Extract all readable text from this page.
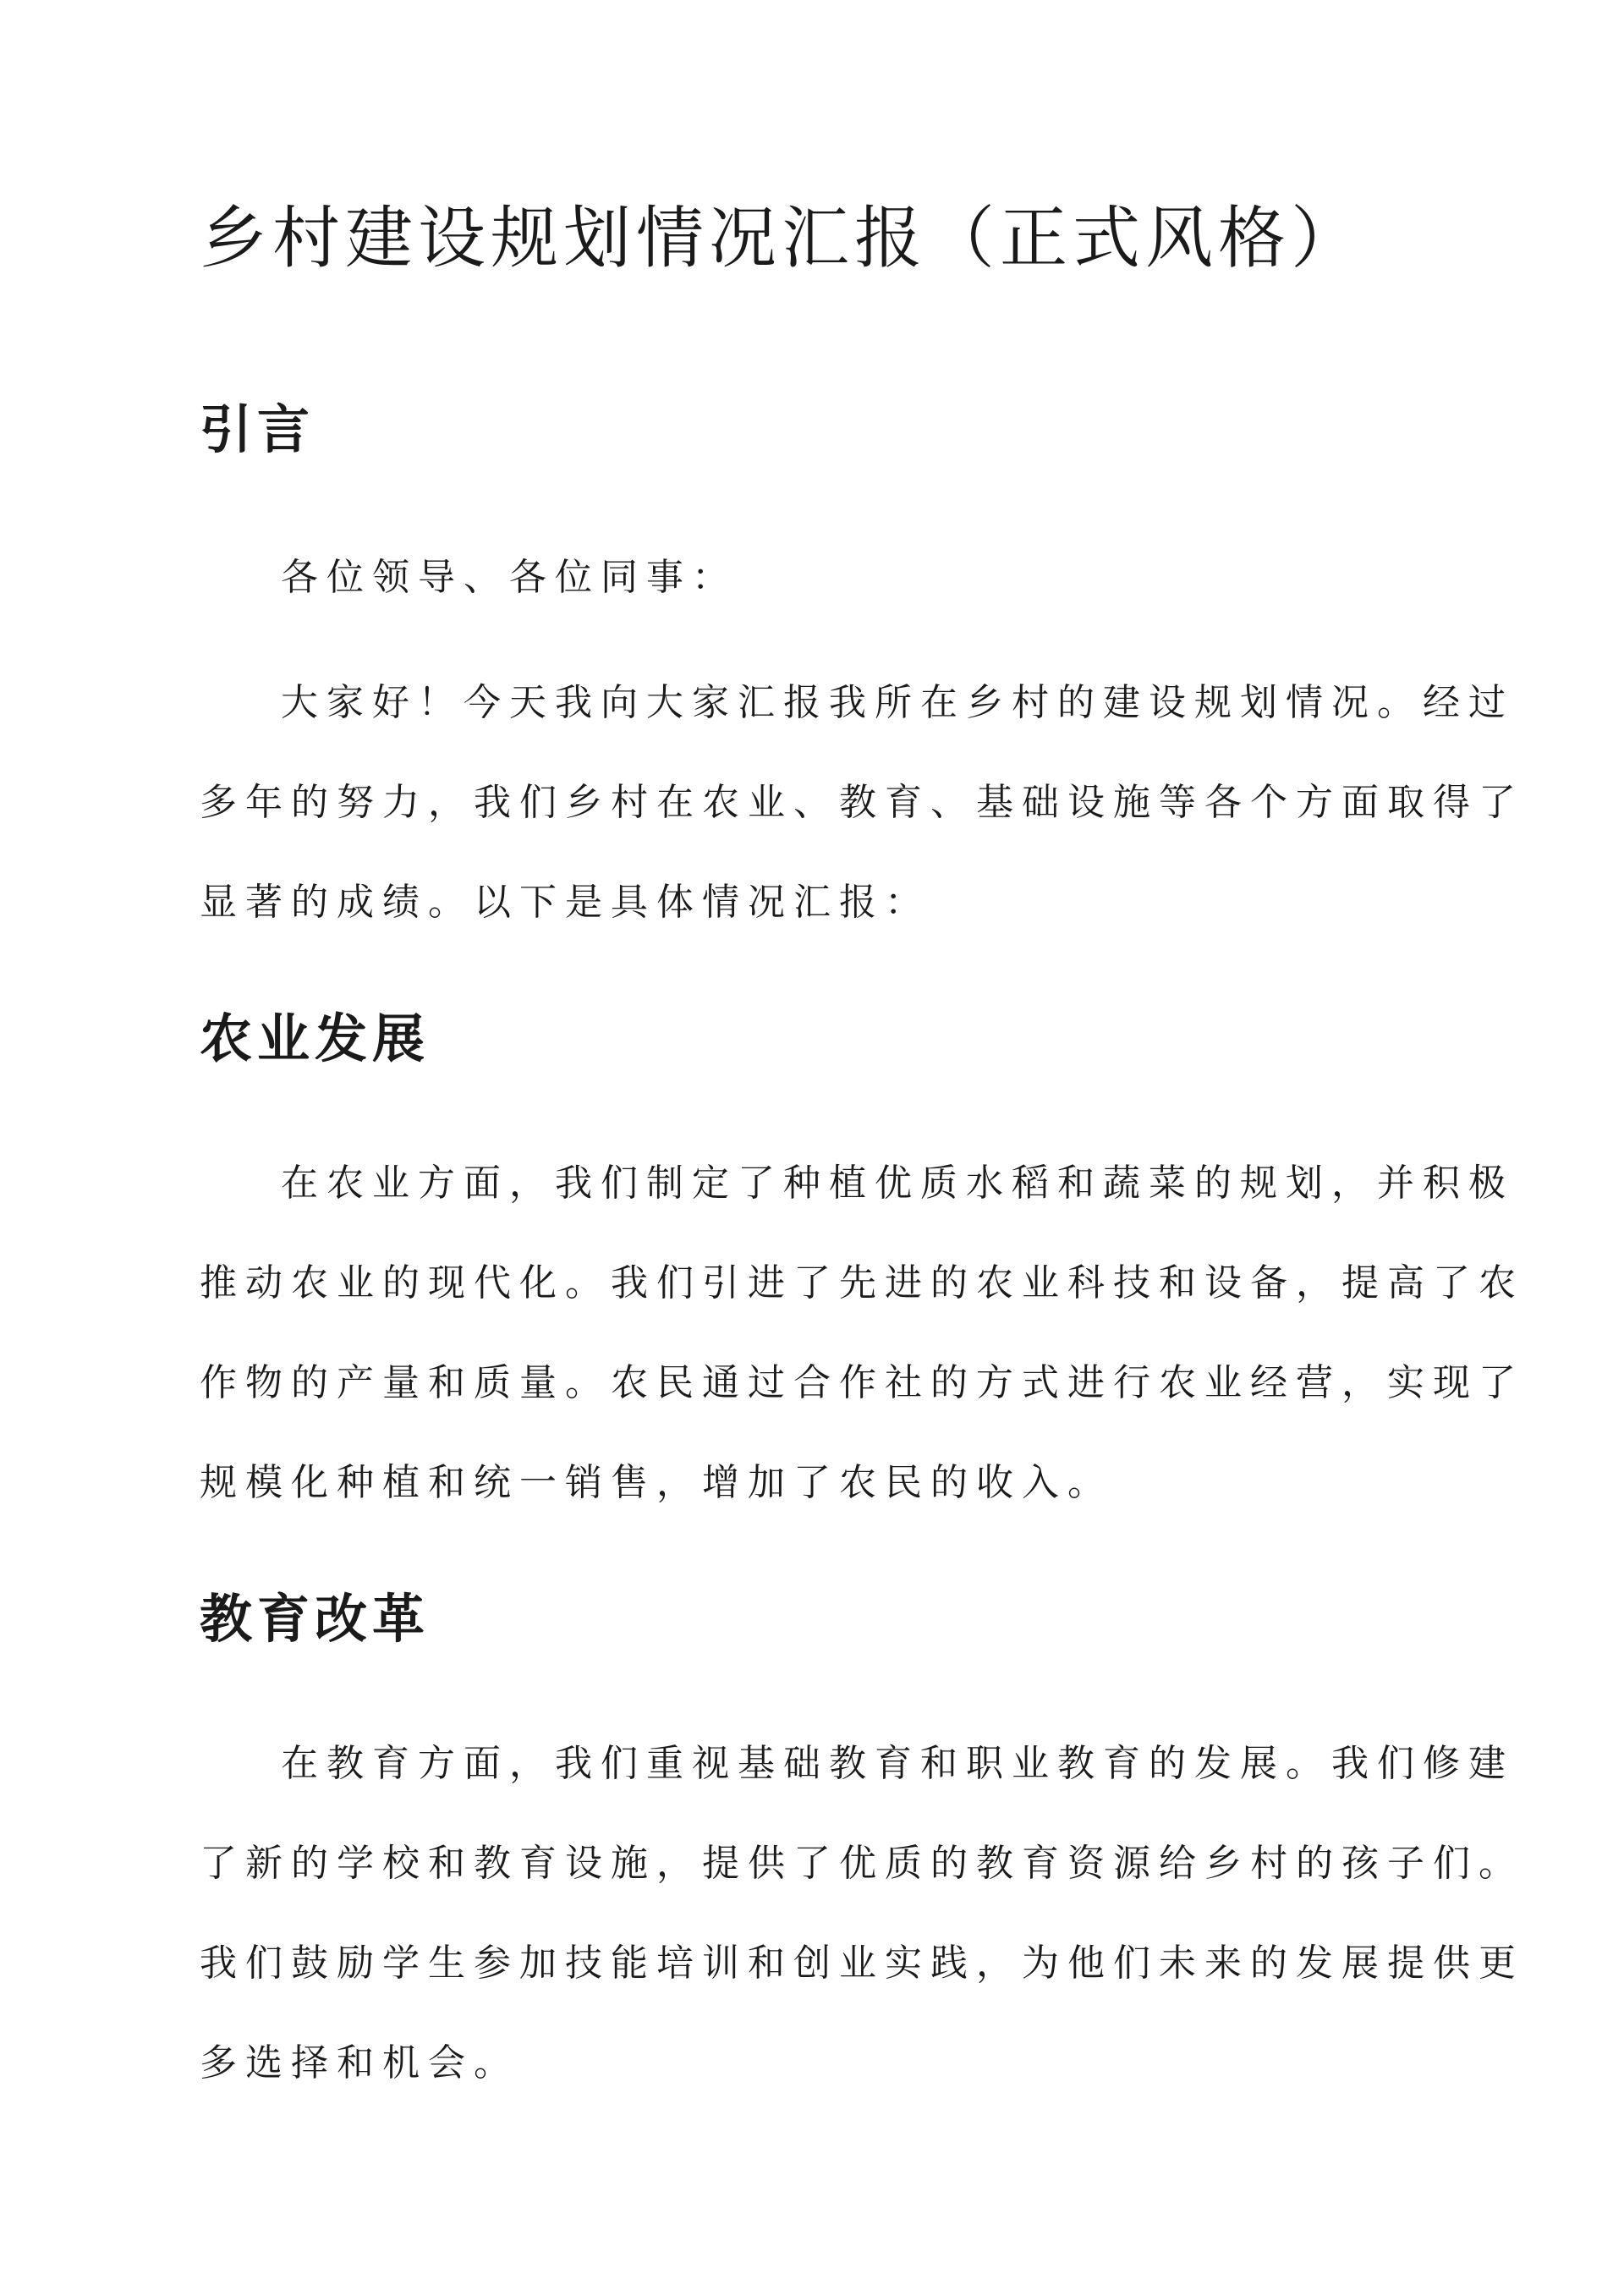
乡村建设规划情况汇报（正式风格）
引言

各位领导、各位同事：

大家好！今天我向大家汇报我所在乡村的建设规划情况。经过
多年的努力，我们乡村在农业、教育、基础设施等各个方面取得了
显著的成绩。以下是具体情况汇报：

农业发展

在农业方面，我们制定了种植优质水稻和蔬菜的规划，并积极
推动农业的现代化。我们引进了先进的农业科技和设备，提高了农
作物的产量和质量。农民通过合作社的方式进行农业经营，实现了
规模化种植和统一销售，增加了农民的收入。

教育改革

在教育方面，我们重视基础教育和职业教育的发展。我们修建
了新的学校和教育设施，提供了优质的教育资源给乡村的孩子们。
我们鼓励学生参加技能培训和创业实践，为他们未来的发展提供更
多选择和机会。
